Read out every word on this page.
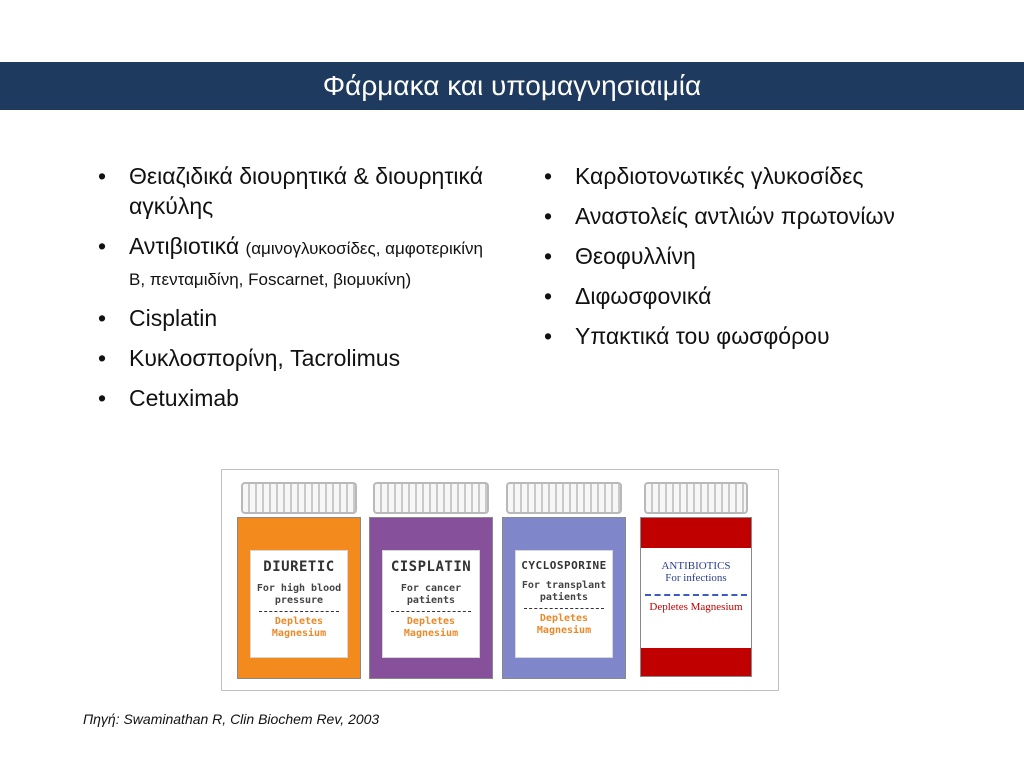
Φάρμακα και υπομαγνησιαιμία
• Θειαζιδικά διουρητικά & διουρητικά αγκύλης
• Αντιβιοτικά (αμινογλυκοσίδες, αμφοτερικίνη Β, πενταμιδίνη, Foscarnet, βιομυκίνη)
• Cisplatin
• Κυκλοσπορίνη, Tacrolimus
• Cetuximab
• Καρδιοτονωτικές γλυκοσίδες
• Αναστολείς αντλιών πρωτονίων
• Θεοφυλλίνη
• Διφωσφονικά
• Υπακτικά του φωσφόρου
DIURETIC
For high blood pressure
Depletes Magnesium
CISPLATIN
For cancer patients
Depletes Magnesium
CYCLOSPORINE
For transplant patients
Depletes Magnesium
ANTIBIOTICS
For infections
Depletes Magnesium
Πηγή: Swaminathan R, Clin Biochem Rev, 2003
